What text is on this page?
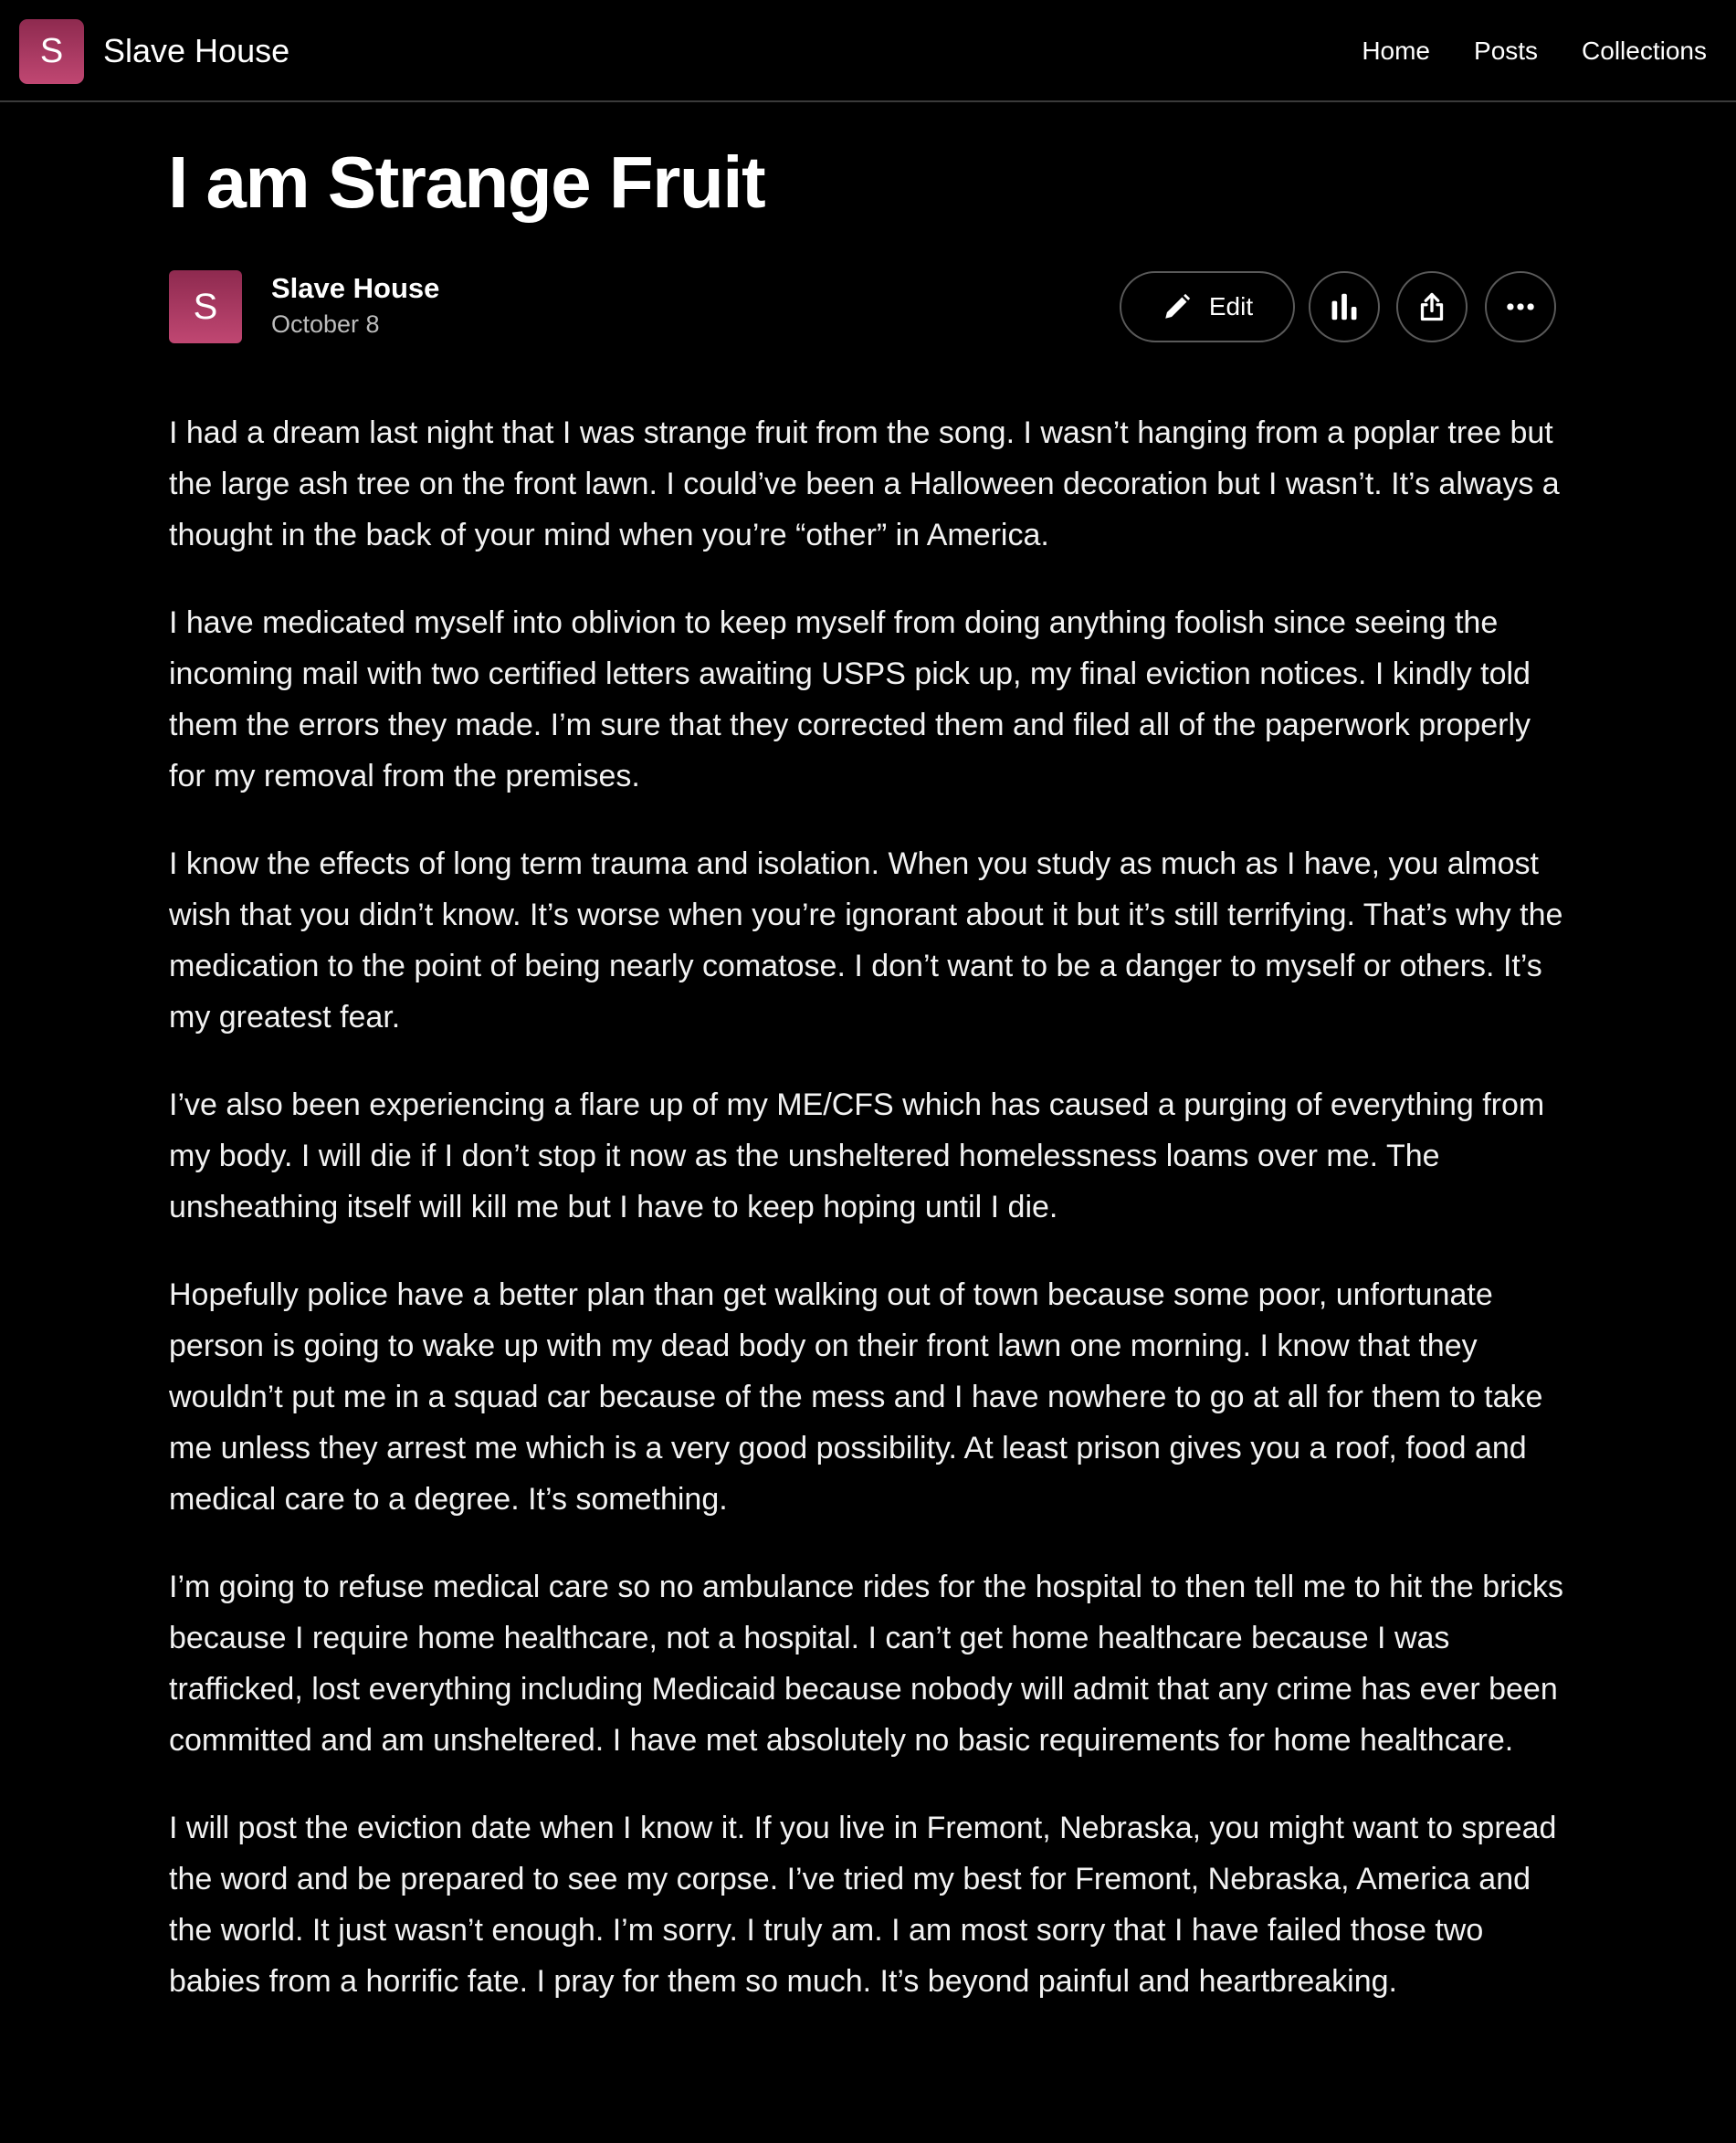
S	Slave House	Home Posts Collections
I am Strange Fruit
S	Slave House
October 8
Edit

I had a dream last night that I was strange fruit from the song. I wasn’t hanging from a poplar tree but the large ash tree on the front lawn. I could’ve been a Halloween decoration but I wasn’t. It’s always a thought in the back of your mind when you’re “other” in America.

I have medicated myself into oblivion to keep myself from doing anything foolish since seeing the incoming mail with two certified letters awaiting USPS pick up, my final eviction notices. I kindly told them the errors they made. I’m sure that they corrected them and filed all of the paperwork properly for my removal from the premises.

I know the effects of long term trauma and isolation. When you study as much as I have, you almost wish that you didn’t know. It’s worse when you’re ignorant about it but it’s still terrifying. That’s why the medication to the point of being nearly comatose. I don’t want to be a danger to myself or others. It’s my greatest fear.

I’ve also been experiencing a flare up of my ME/CFS which has caused a purging of everything from my body. I will die if I don’t stop it now as the unsheltered homelessness loams over me. The unsheathing itself will kill me but I have to keep hoping until I die.

Hopefully police have a better plan than get walking out of town because some poor, unfortunate person is going to wake up with my dead body on their front lawn one morning. I know that they wouldn’t put me in a squad car because of the mess and I have nowhere to go at all for them to take me unless they arrest me which is a very good possibility. At least prison gives you a roof, food and medical care to a degree. It’s something.

I’m going to refuse medical care so no ambulance rides for the hospital to then tell me to hit the bricks because I require home healthcare, not a hospital. I can’t get home healthcare because I was trafficked, lost everything including Medicaid because nobody will admit that any crime has ever been committed and am unsheltered. I have met absolutely no basic requirements for home healthcare.

I will post the eviction date when I know it. If you live in Fremont, Nebraska, you might want to spread the word and be prepared to see my corpse. I’ve tried my best for Fremont, Nebraska, America and the world. It just wasn’t enough. I’m sorry. I truly am. I am most sorry that I have failed those two babies from a horrific fate. I pray for them so much. It’s beyond painful and heartbreaking.
